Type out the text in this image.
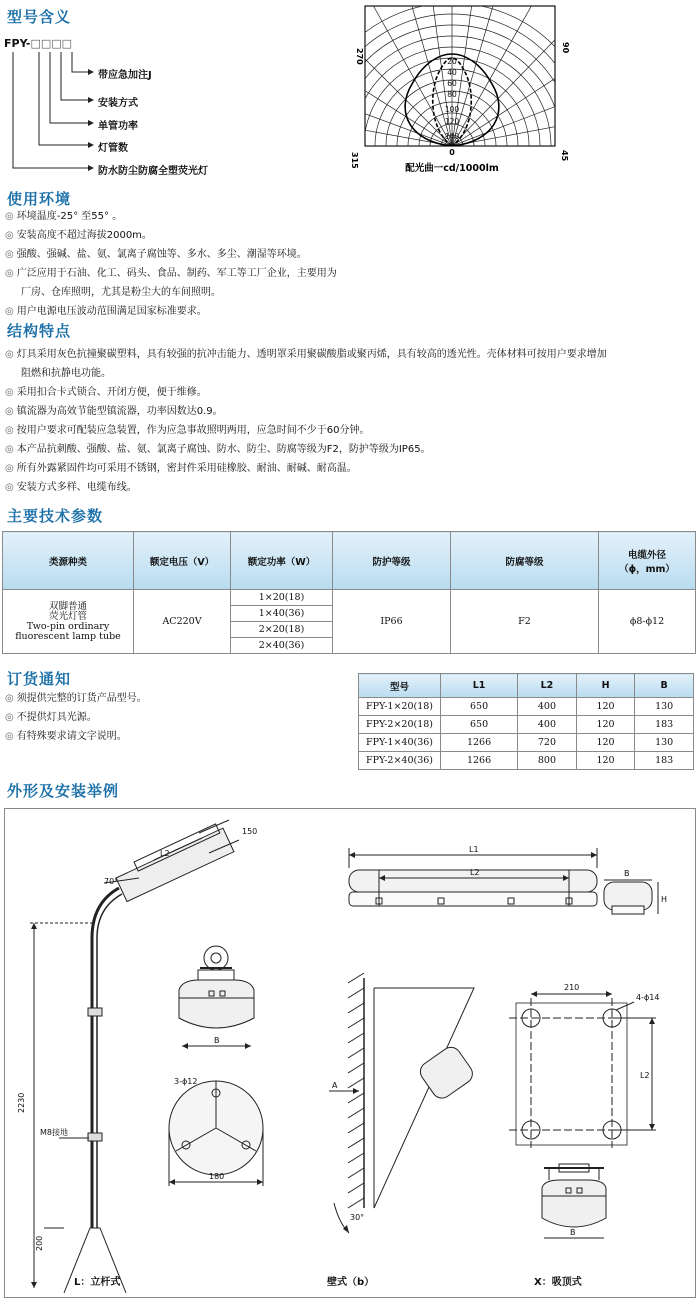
型号含义
FPY-□□□□
带应急加注J
安装方式
单管功率
灯管数
防水防尘防腐全塑荧光灯
20
40
60
80
100
120
140
270
90
315	0	45
配光曲一cd/1000lm
使用环境
◎ 环境温度-25° 至55° 。
◎ 安装高度不超过海拔2000m。
◎ 强酸、强碱、盐、氨、氯离子腐蚀等、多水、多尘、潮湿等环境。
◎ 广泛应用于石油、化工、码头、食品、制药、军工等工厂企业，主要用为
厂房、仓库照明，尤其是粉尘大的车间照明。
◎ 用户电源电压波动范围满足国家标准要求。
结构特点
◎ 灯具采用灰色抗撞聚碳塑料，具有较强的抗冲击能力、透明罩采用聚碳酸脂或聚丙烯，具有较高的透光性。壳体材料可按用户要求增加
阻燃和抗静电功能。
◎ 采用扣合卡式锁合、开闭方便，便于维修。
◎ 镇流器为高效节能型镇流器，功率因数达0.9。
◎ 按用户要求可配装应急装置，作为应急事故照明两用，应急时间不少于60分钟。
◎ 本产品抗刺酸、强酸、盐、氨、氯离子腐蚀、防水、防尘、防腐等级为F2，防护等级为IP65。
◎ 所有外露紧固件均可采用不锈钢，密封件采用硅橡胶、耐油、耐碱、耐高温。
◎ 安装方式多样、电缆布线。
主要技术参数
类源种类	额定电压（V）	额定功率（W）	防护等级	防腐等级	电缆外径
（ϕ，mm）

双脚普通
荧光灯管
Two-pin ordinary
fluorescent lamp tube	AC220V	1×20(18)	IP66	F2	ϕ8-ϕ12
		1×40(36)			
		2×20(18)			
		2×40(36)			
订货通知
◎ 须提供完整的订货产品型号。
◎ 不提供灯具光源。
◎ 有特殊要求请文字说明。
型号	L1	L2	H	B
FPY-1×20(18)	650	400	120	130
FPY-2×20(18)	650	400	120	183
FPY-1×40(36)	1266	720	120	130
FPY-2×40(36)	1266	800	120	183
外形及安装举例
150
L2
70°
2230
M8接地
200
L1
L2	B
H
B
3-ϕ12
180
A
30°
210
4-ϕ14
L2
B
L：立杆式	壁式（b）	X：吸顶式
